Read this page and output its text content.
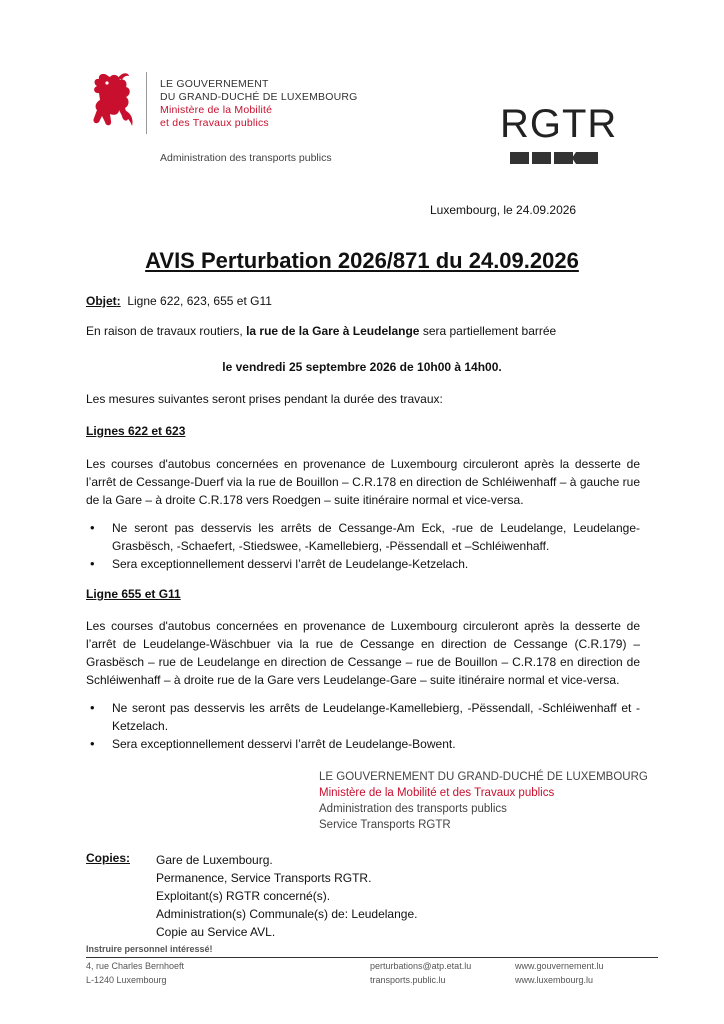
LE GOUVERNEMENT
DU GRAND-DUCHÉ DE LUXEMBOURG
Ministère de la Mobilité
et des Travaux publics
Administration des transports publics
RGTR
Luxembourg, le 24.09.2026
AVIS Perturbation 2026/871 du 24.09.2026
Objet: Ligne 622, 623, 655 et G11
En raison de travaux routiers, la rue de la Gare à Leudelange sera partiellement barrée
le vendredi 25 septembre 2026 de 10h00 à 14h00.
Les mesures suivantes seront prises pendant la durée des travaux:
Lignes 622 et 623
Les courses d'autobus concernées en provenance de Luxembourg circuleront après la desserte de l’arrêt de Cessange-Duerf via la rue de Bouillon – C.R.178 en direction de Schléiwenhaff – à gauche rue de la Gare – à droite C.R.178 vers Roedgen – suite itinéraire normal et vice-versa.
• Ne seront pas desservis les arrêts de Cessange-Am Eck, -rue de Leudelange, Leudelange-Grasbësch, -Schaefert, -Stiedswee, -Kamellebierg, -Pëssendall et –Schléiwenhaff.
• Sera exceptionnellement desservi l’arrêt de Leudelange-Ketzelach.
Ligne 655 et G11
Les courses d'autobus concernées en provenance de Luxembourg circuleront après la desserte de l’arrêt de Leudelange-Wäschbuer via la rue de Cessange en direction de Cessange (C.R.179) – Grasbësch – rue de Leudelange en direction de Cessange – rue de Bouillon – C.R.178 en direction de Schléiwenhaff – à droite rue de la Gare vers Leudelange-Gare – suite itinéraire normal et vice-versa.
• Ne seront pas desservis les arrêts de Leudelange-Kamellebierg, -Pëssendall, -Schléiwenhaff et -Ketzelach.
• Sera exceptionnellement desservi l’arrêt de Leudelange-Bowent.
LE GOUVERNEMENT DU GRAND-DUCHÉ DE LUXEMBOURG
Ministère de la Mobilité et des Travaux publics
Administration des transports publics
Service Transports RGTR
Copies: Gare de Luxembourg.
Permanence, Service Transports RGTR.
Exploitant(s) RGTR concerné(s).
Administration(s) Communale(s) de: Leudelange.
Copie au Service AVL.
Instruire personnel intéressé!
4, rue Charles Bernhoeft
L-1240 Luxembourg
perturbations@atp.etat.lu
transports.public.lu
www.gouvernement.lu
www.luxembourg.lu
